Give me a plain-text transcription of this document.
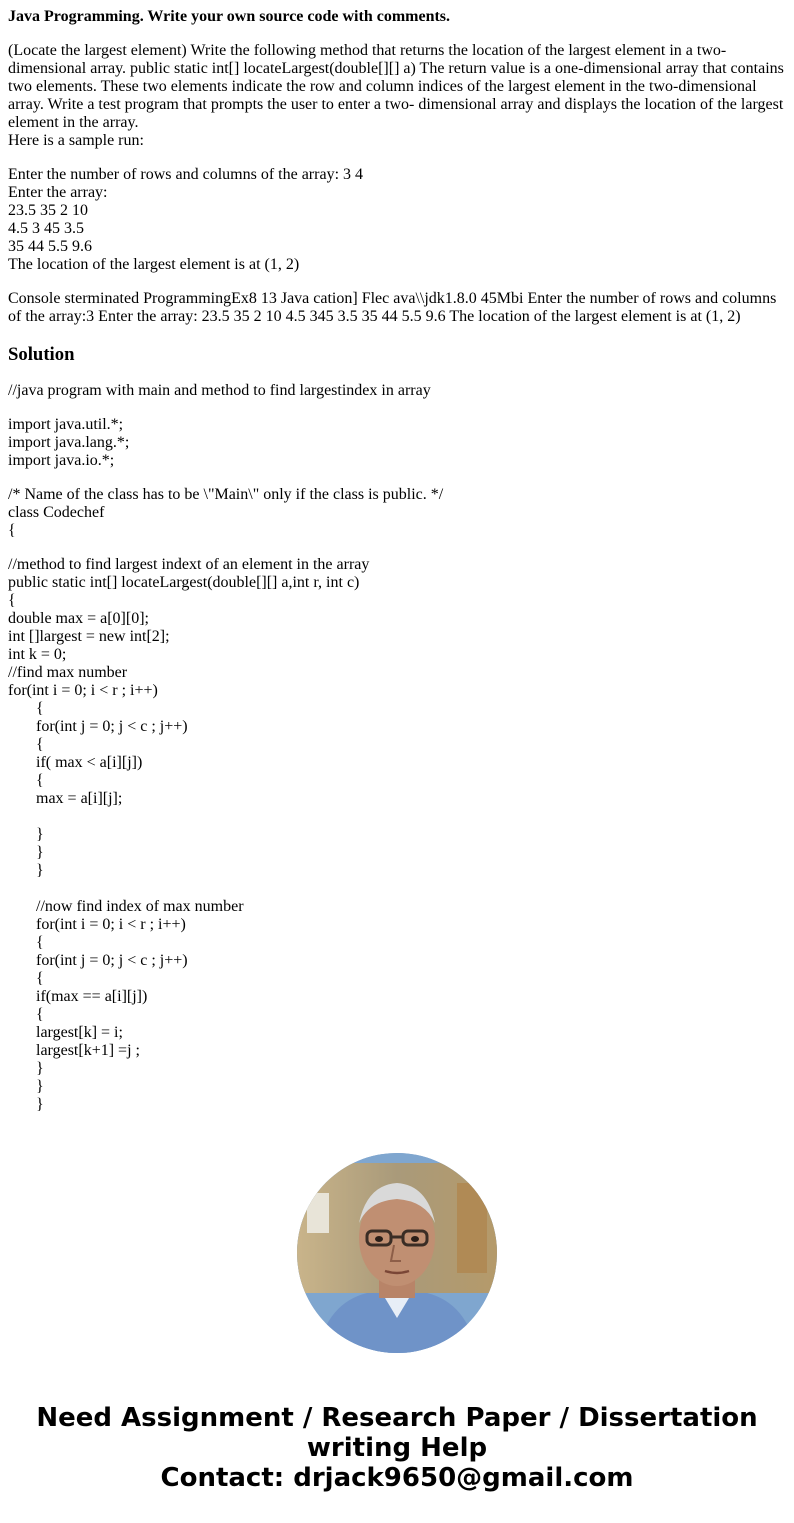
Java Programming. Write your own source code with comments.
(Locate the largest element) Write the following method that returns the location of the largest element in a two-
dimensional array. public static int[] locateLargest(double[][] a) The return value is a one-dimensional array that contains
two elements. These two elements indicate the row and column indices of the largest element in the two-dimensional
array. Write a test program that prompts the user to enter a two- dimensional array and displays the location of the largest
element in the array.
Here is a sample run:
Enter the number of rows and columns of the array: 3 4
Enter the array:
23.5 35 2 10
4.5 3 45 3.5
35 44 5.5 9.6
The location of the largest element is at (1, 2)
Console sterminated ProgrammingEx8 13 Java cation] Flec ava\\jdk1.8.0 45Mbi Enter the number of rows and columns
of the array:3 Enter the array: 23.5 35 2 10 4.5 345 3.5 35 44 5.5 9.6 The location of the largest element is at (1, 2)
Solution
//java program with main and method to find largestindex in array
import java.util.*;
import java.lang.*;
import java.io.*;
/* Name of the class has to be \"Main\" only if the class is public. */
class Codechef
{
//method to find largest indext of an element in the array
public static int[] locateLargest(double[][] a,int r, int c)
{
double max = a[0][0];
int []largest = new int[2];
int k = 0;
//find max number
for(int i = 0; i < r ; i++)
{
for(int j = 0; j < c ; j++)
{
if( max < a[i][j])
{
max = a[i][j];
}
}
}
//now find index of max number
for(int i = 0; i < r ; i++)
{
for(int j = 0; j < c ; j++)
{
if(max == a[i][j])
{
largest[k] = i;
largest[k+1] =j ;
}
}
}
Need Assignment / Research Paper / Dissertation
writing Help
Contact: drjack9650@gmail.com
